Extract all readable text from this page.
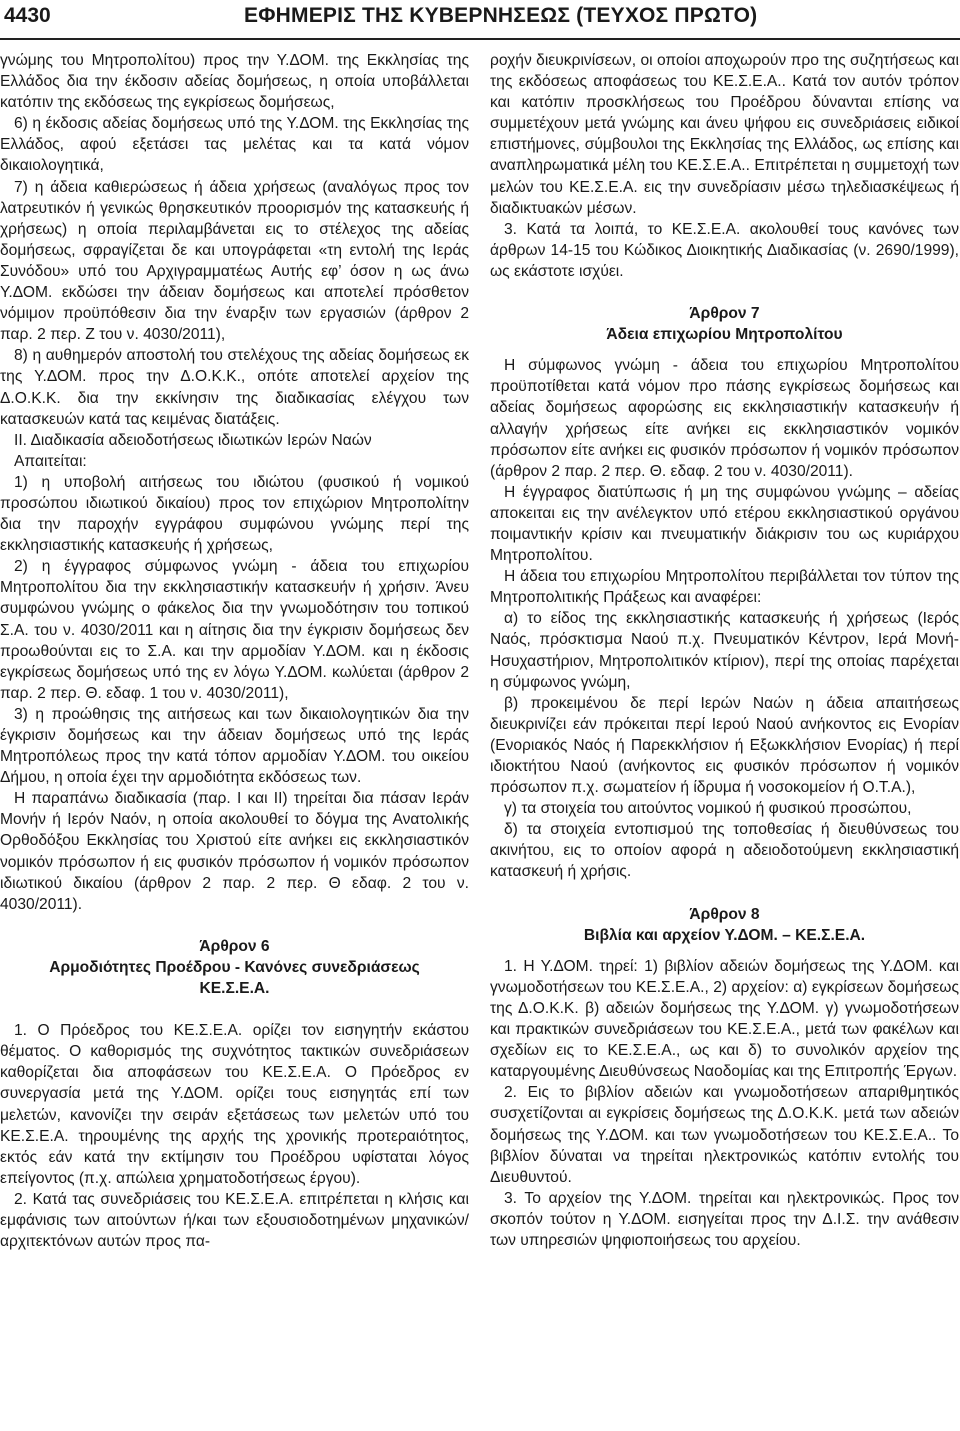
4430	ΕΦΗΜΕΡΙΣ ΤΗΣ ΚΥΒΕΡΝΗΣΕΩΣ (ΤΕΥΧΟΣ ΠΡΩΤΟ)

γνώμης του Μητροπολίτου) προς την Υ.ΔΟΜ. της Εκκλησίας της Ελλάδος δια την έκδοσιν αδείας δομήσεως, η οποία υποβάλλεται κατόπιν της εκδόσεως της εγκρίσεως δομήσεως,

6) η έκδοσις αδείας δομήσεως υπό της Υ.ΔΟΜ. της Εκκλησίας της Ελλάδος, αφού εξετάσει τας μελέτας και τα κατά νόμον δικαιολογητικά,

7) η άδεια καθιερώσεως ή άδεια χρήσεως (αναλόγως προς τον λατρευτικόν ή γενικώς θρησκευτικόν προορισμόν της κατασκευής ή χρήσεως) η οποία περιλαμβάνεται εις το στέλεχος της αδείας δομήσεως, σφραγίζεται δε και υπογράφεται «τη εντολή της Ιεράς Συνόδου» υπό του Αρχιγραμματέως Αυτής εφ’ όσον η ως άνω Υ.ΔΟΜ. εκδώσει την άδειαν δομήσεως και αποτελεί πρόσθετον νόμιμον προϋπόθεσιν δια την έναρξιν των εργασιών (άρθρον 2 παρ. 2 περ. Ζ του ν. 4030/2011),

8) η αυθημερόν αποστολή του στελέχους της αδείας δομήσεως εκ της Υ.ΔΟΜ. προς την Δ.Ο.Κ.Κ., οπότε αποτελεί αρχείον της Δ.Ο.Κ.Κ. δια την εκκίνησιν της διαδικασίας ελέγχου των κατασκευών κατά τας κειμένας διατάξεις.

ΙΙ. Διαδικασία αδειοδοτήσεως ιδιωτικών Ιερών Ναών

Απαιτείται:

1) η υποβολή αιτήσεως του ιδιώτου (φυσικού ή νομικού προσώπου ιδιωτικού δικαίου) προς τον επιχώριον Μητροπολίτην δια την παροχήν εγγράφου συμφώνου γνώμης περί της εκκλησιαστικής κατασκευής ή χρήσεως,

2) η έγγραφος σύμφωνος γνώμη - άδεια του επιχωρίου Μητροπολίτου δια την εκκλησιαστικήν κατασκευήν ή χρήσιν. Άνευ συμφώνου γνώμης ο φάκελος δια την γνωμοδότησιν του τοπικού Σ.Α. του ν. 4030/2011 και η αίτησις δια την έγκρισιν δομήσεως δεν προωθούνται εις το Σ.Α. και την αρμοδίαν Υ.ΔΟΜ. και η έκδοσις εγκρίσεως δομήσεως υπό της εν λόγω Υ.ΔΟΜ. κωλύεται (άρθρον 2 παρ. 2 περ. Θ. εδαφ. 1 του ν. 4030/2011),

3) η προώθησις της αιτήσεως και των δικαιολογητικών δια την έγκρισιν δομήσεως και την άδειαν δομήσεως υπό της Ιεράς Μητροπόλεως προς την κατά τόπον αρμοδίαν Υ.ΔΟΜ. του οικείου Δήμου, η οποία έχει την αρμοδιότητα εκδόσεως των.

Η παραπάνω διαδικασία (παρ. Ι και ΙΙ) τηρείται δια πάσαν Ιεράν Μονήν ή Ιερόν Ναόν, η οποία ακολουθεί το δόγμα της Ανατολικής Ορθοδόξου Εκκλησίας του Χριστού είτε ανήκει εις εκκλησιαστικόν νομικόν πρόσωπον ή εις φυσικόν πρόσωπον ή νομικόν πρόσωπον ιδιωτικού δικαίου (άρθρον 2 παρ. 2 περ. Θ εδαφ. 2 του ν. 4030/2011).

Άρθρον 6

Αρμοδιότητες Προέδρου - Κανόνες συνεδριάσεως

ΚΕ.Σ.Ε.Α.

1. Ο Πρόεδρος του ΚΕ.Σ.Ε.Α. ορίζει τον εισηγητήν εκάστου θέματος. Ο καθορισμός της συχνότητος τακτικών συνεδριάσεων καθορίζεται δια αποφάσεων του ΚΕ.Σ.Ε.Α. Ο Πρόεδρος εν συνεργασία μετά της Υ.ΔΟΜ. ορίζει τους εισηγητάς επί των μελετών, κανονίζει την σειράν εξετάσεως των μελετών υπό του ΚΕ.Σ.Ε.Α. τηρουμένης της αρχής της χρονικής προτεραιότητος, εκτός εάν κατά την εκτίμησιν του Προέδρου υφίσταται λόγος επείγοντος (π.χ. απώλεια χρηματοδοτήσεως έργου).

2. Κατά τας συνεδριάσεις του ΚΕ.Σ.Ε.Α. επιτρέπεται η κλήσις και εμφάνισις των αιτούντων ή/και των εξουσιοδοτημένων μηχανικών/αρχιτεκτόνων αυτών προς πα-

ροχήν διευκρινίσεων, οι οποίοι αποχωρούν προ της συζητήσεως και της εκδόσεως αποφάσεως του ΚΕ.Σ.Ε.Α.. Κατά τον αυτόν τρόπον και κατόπιν προσκλήσεως του Προέδρου δύνανται επίσης να συμμετέχουν μετά γνώμης και άνευ ψήφου εις συνεδριάσεις ειδικοί επιστήμονες, σύμβουλοι της Εκκλησίας της Ελλάδος, ως επίσης και αναπληρωματικά μέλη του ΚΕ.Σ.Ε.Α.. Επιτρέπεται η συμμετοχή των μελών του ΚΕ.Σ.Ε.Α. εις την συνεδρίασιν μέσω τηλεδιασκέψεως ή διαδικτυακών μέσων.

3. Κατά τα λοιπά, το ΚΕ.Σ.Ε.Α. ακολουθεί τους κανόνες των άρθρων 14-15 του Κώδικος Διοικητικής Διαδικασίας (ν. 2690/1999), ως εκάστοτε ισχύει.

Άρθρον 7

Άδεια επιχωρίου Μητροπολίτου

Η σύμφωνος γνώμη - άδεια του επιχωρίου Μητροπολίτου προϋποτίθεται κατά νόμον προ πάσης εγκρίσεως δομήσεως και αδείας δομήσεως αφορώσης εις εκκλησιαστικήν κατασκευήν ή αλλαγήν χρήσεως είτε ανήκει εις εκκλησιαστικόν νομικόν πρόσωπον είτε ανήκει εις φυσικόν πρόσωπον ή νομικόν πρόσωπον (άρθρον 2 παρ. 2 περ. Θ. εδαφ. 2 του ν. 4030/2011).

Η έγγραφος διατύπωσις ή μη της συμφώνου γνώμης – αδείας αποκειται εις την ανέλεγκτον υπό ετέρου εκκλησιαστικού οργάνου ποιμαντικήν κρίσιν και πνευματικήν διάκρισιν του ως κυριάρχου Μητροπολίτου.

Η άδεια του επιχωρίου Μητροπολίτου περιβάλλεται τον τύπον της Μητροπολιτικής Πράξεως και αναφέρει:

α) το είδος της εκκλησιαστικής κατασκευής ή χρήσεως (Ιερός Ναός, πρόσκτισμα Ναού π.χ. Πνευματικόν Κέντρον, Ιερά Μονή-Ησυχαστήριον, Μητροπολιτικόν κτίριον), περί της οποίας παρέχεται η σύμφωνος γνώμη,

β) προκειμένου δε περί Ιερών Ναών η άδεια απαιτήσεως διευκρινίζει εάν πρόκειται περί Ιερού Ναού ανήκοντος εις Ενορίαν (Ενοριακός Ναός ή Παρεκκλήσιον ή Εξωκκλήσιον Ενορίας) ή περί ιδιοκτήτου Ναού (ανήκοντος εις φυσικόν πρόσωπον ή νομικόν πρόσωπον π.χ. σωματείον ή ίδρυμα ή νοσοκομείον ή Ο.Τ.Α.),

γ) τα στοιχεία του αιτούντος νομικού ή φυσικού προσώπου,

δ) τα στοιχεία εντοπισμού της τοποθεσίας ή διευθύνσεως του ακινήτου, εις το οποίον αφορά η αδειοδοτούμενη εκκλησιαστική κατασκευή ή χρήσις.

Άρθρον 8

Βιβλία και αρχείον Υ.ΔΟΜ. – ΚΕ.Σ.Ε.Α.

1. Η Υ.ΔΟΜ. τηρεί: 1) βιβλίον αδειών δομήσεως της Υ.ΔΟΜ. και γνωμοδοτήσεων του ΚΕ.Σ.Ε.Α., 2) αρχείον: α) εγκρίσεων δομήσεως της Δ.Ο.Κ.Κ. β) αδειών δομήσεως της Υ.ΔΟΜ. γ) γνωμοδοτήσεων και πρακτικών συνεδριάσεων του ΚΕ.Σ.Ε.Α., μετά των φακέλων και σχεδίων εις το ΚΕ.Σ.Ε.Α., ως και δ) το συνολικόν αρχείον της καταργουμένης Διευθύνσεως Ναοδομίας και της Επιτροπής Έργων.

2. Εις το βιβλίον αδειών και γνωμοδοτήσεων απαριθμητικός συσχετίζονται αι εγκρίσεις δομήσεως της Δ.Ο.Κ.Κ. μετά των αδειών δομήσεως της Υ.ΔΟΜ. και των γνωμοδοτήσεων του ΚΕ.Σ.Ε.Α.. Το βιβλίον δύναται να τηρείται ηλεκτρονικώς κατόπιν εντολής του Διευθυντού.

3. Το αρχείον της Υ.ΔΟΜ. τηρείται και ηλεκτρονικώς. Προς τον σκοπόν τούτον η Υ.ΔΟΜ. εισηγείται προς την Δ.Ι.Σ. την ανάθεσιν των υπηρεσιών ψηφιοποιήσεως του αρχείου.
